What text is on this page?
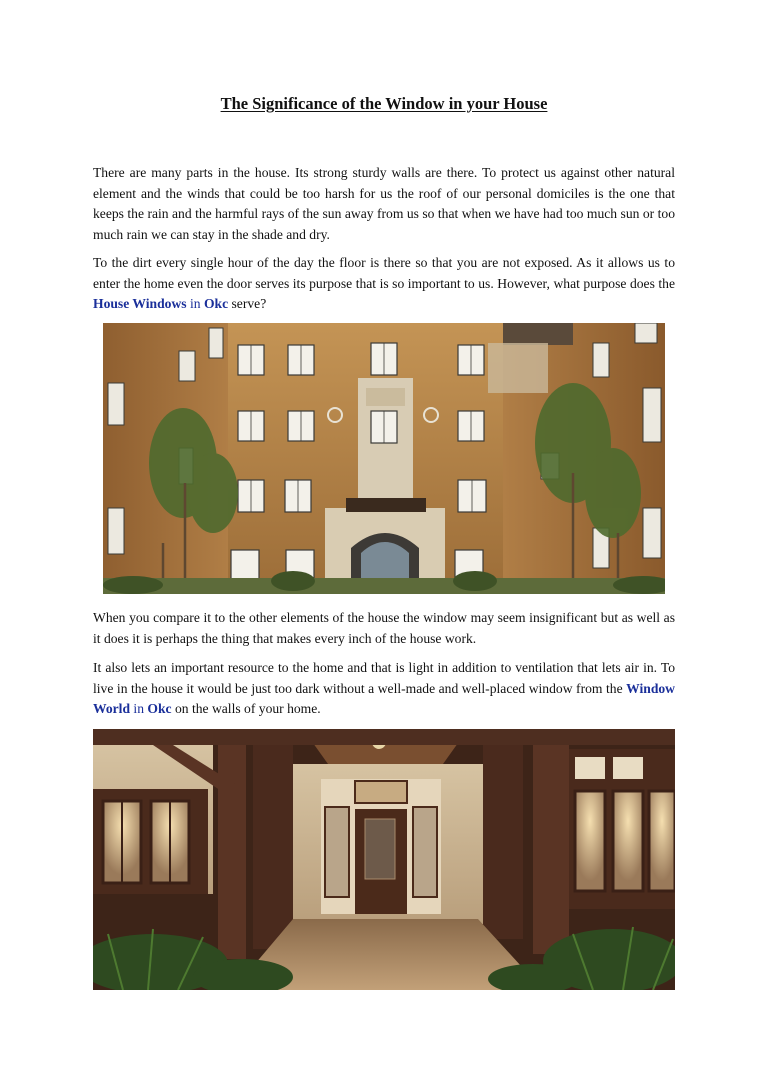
The Significance of the Window in your House

There are many parts in the house. Its strong sturdy walls are there. To protect us against other natural element and the winds that could be too harsh for us the roof of our personal domiciles is the one that keeps the rain and the harmful rays of the sun away from us so that when we have had too much sun or too much rain we can stay in the shade and dry.

To the dirt every single hour of the day the floor is there so that you are not exposed. As it allows us to enter the home even the door serves its purpose that is so important to us. However, what purpose does the House Windows in Okc serve?

When you compare it to the other elements of the house the window may seem insignificant but as well as it does it is perhaps the thing that makes every inch of the house work.

It also lets an important resource to the home and that is light in addition to ventilation that lets air in. To live in the house it would be just too dark without a well-made and well-placed window from the Window World in Okc on the walls of your home.
